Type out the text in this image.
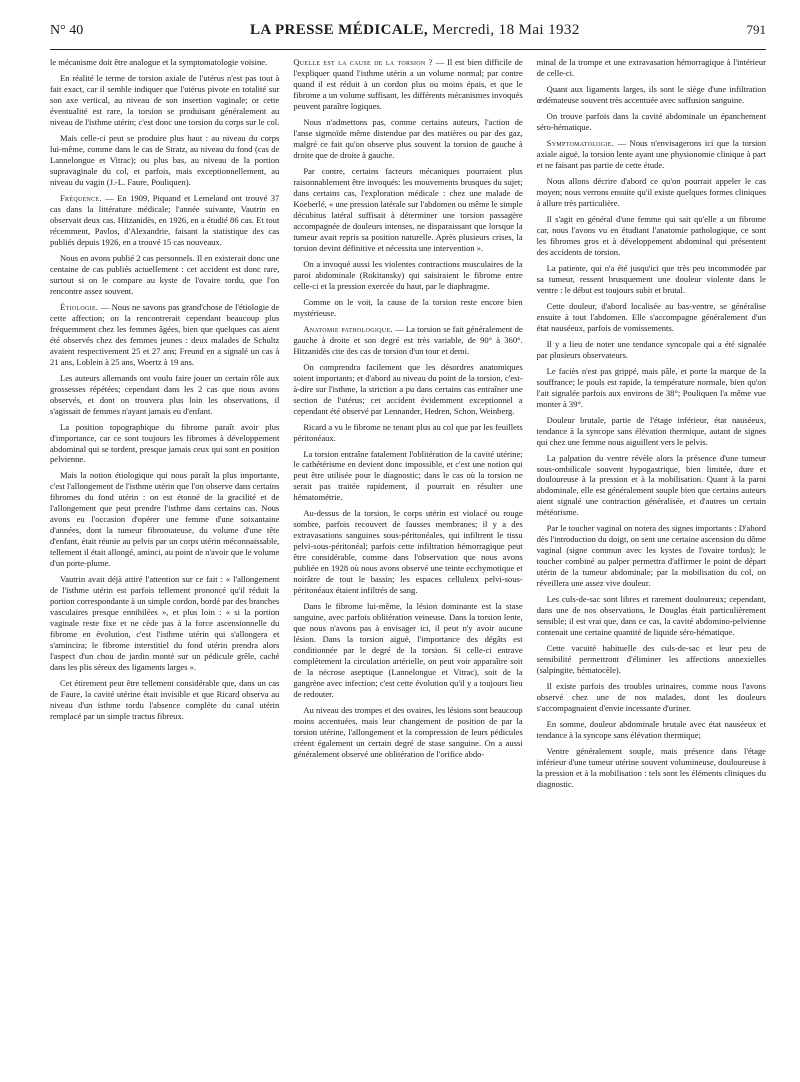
N° 40	LA PRESSE MÉDICALE, Mercredi, 18 Mai 1932	791

le mécanisme doit être analogue et la symptomatologie voisine.

En réalité le terme de torsion axiale de l'utérus n'est pas tout à fait exact, car il semble indiquer que l'utérus pivote en totalité sur son axe vertical, au niveau de son insertion vaginale; or cette éventualité est rare, la torsion se produisant généralement au niveau de l'isthme utérin; c'est donc une torsion du corps sur le col.

Mais celle-ci peut se produire plus haut : au niveau du corps lui-même, comme dans le cas de Stratz, au niveau du fond (cas de Lannelongue et Vitrac); ou plus bas, au niveau de la portion supravaginale du col, et parfois, mais exceptionnellement, au niveau du vagin (J.-L. Faure, Pouliquen).

Fréquence. — En 1909, Piquand et Lemeland ont trouvé 37 cas dans la littérature médicale; l'année suivante, Vautrin en observait deux cas. Hitzanidès, en 1926, en a étudié 86 cas. Et tout récemment, Pavlos, d'Alexandrie, faisant la statistique des cas publiés depuis 1926, en a trouvé 15 cas nouveaux.

Nous en avons publié 2 cas personnels. Il en existerait donc une centaine de cas publiés actuellement : cet accident est donc rare, surtout si on le compare au kyste de l'ovaire tordu, que l'on rencontre assez souvent.

Étiologie. — Nous ne savons pas grand'chose de l'étiologie de cette affection; on la rencontrerait cependant beaucoup plus fréquemment chez les femmes âgées, bien que quelques cas aient été observés chez des femmes jeunes : deux malades de Schultz avaient respectivement 25 et 27 ans; Freund en a signalé un cas à 21 ans, Loblein à 25 ans, Woertz à 19 ans.

Les auteurs allemands ont voulu faire jouer un certain rôle aux grossesses répétées; cependant dans les 2 cas que nous avons observés, et dont on trouvera plus loin les observations, il s'agissait de femmes n'ayant jamais eu d'enfant.

La position topographique du fibrome paraît avoir plus d'importance, car ce sont toujours les fibromes à développement abdominal qui se tordent, presque jamais ceux qui sont en position pelvienne.

Mais la notion étiologique qui nous paraît la plus importante, c'est l'allongement de l'isthme utérin que l'on observe dans certains fibromes du fond utérin : on est étonné de la gracilité et de l'allongement que peut prendre l'isthme dans certains cas. Nous avons eu l'occasion d'opérer une femme d'une soixantaine d'années, dont la tumeur fibromateuse, du volume d'une tête d'enfant, était réunie au pelvis par un corps utérin méconnaissable, tellement il était allongé, aminci, au point de n'avoir que le volume d'un porte-plume.

Vautrin avait déjà attiré l'attention sur ce fait : « l'allongement de l'isthme utérin est parfois tellement prononcé qu'il réduit la portion correspondante à un simple cordon, bordé par des branches vasculaires presque ennihilées », et plus loin : « si la portion vaginale reste fixe et ne cède pas à la force ascensionnelle du fibrome en évolution, c'est l'isthme utérin qui s'allongera et s'amincira; le fibrome interstitiel du fond utérin prendra alors l'aspect d'un chou de jardin monté sur un pédicule grêle, caché dans les plis séreux des ligaments larges ».

Cet étirement peut être tellement considérable que, dans un cas de Faure, la cavité utérine était invisible et que Ricard observa au niveau d'un isthme tordu l'absence complète du canal utérin remplacé par un simple tractus fibreux.

Quelle est la cause de la torsion ? — Il est bien difficile de l'expliquer quand l'isthme utérin a un volume normal; par contre quand il est réduit à un cordon plus ou moins épais, et que le fibrome a un volume suffisant, les différents mécanismes invoqués peuvent paraître logiques.

Nous n'admettons pas, comme certains auteurs, l'action de l'anse sigmoïde même distendue par des matières ou par des gaz, malgré ce fait qu'on observe plus souvent la torsion de gauche à droite que de droite à gauche.

Par contre, certains facteurs mécaniques pourraient plus raisonnablement être invoqués: les mouvements brusques du sujet; dans certains cas, l'exploration médicale : chez une malade de Koeberlé, « une pression latérale sur l'abdomen ou même le simple décubitus latéral suffisait à déterminer une torsion passagère accompagnée de douleurs intenses, ne disparaissant que lorsque la tumeur avait repris sa position naturelle. Après plusieurs crises, la torsion devint définitive et nécessita une intervention ».

On a invoqué aussi les violentes contractions musculaires de la paroi abdominale (Rokitansky) qui saisiraient le fibrome entre celle-ci et la pression exercée du haut, par le diaphragme.

Comme on le voit, la cause de la torsion reste encore bien mystérieuse.

Anatomie pathologique. — La torsion se fait généralement de gauche à droite et son degré est très variable, de 90° à 360°. Hitzanidès cite des cas de torsion d'un tour et demi.

On comprendra facilement que les désordres anatomiques soient importants; et d'abord au niveau du point de la torsion, c'est-à-dire sur l'isthme, la striction a pu dans certains cas entraîner une section de l'utérus; cet accident évidemment exceptionnel a cependant été observé par Lennander, Hedren, Schon, Weinberg.

Ricard a vu le fibrome ne tenant plus au col que par les feuillets péritonéaux.

La torsion entraîne fatalement l'oblitération de la cavité utérine; le cathétérisme en devient donc impossible, et c'est une notion qui peut être utilisée pour le diagnostic; dans le cas où la torsion ne serait pas traitée rapidement, il pourrait en résulter une hématométrie.

Au-dessus de la torsion, le corps utérin est violacé ou rouge sombre, parfois recouvert de fausses membranes; il y a des extravasations sanguines sous-péritonéales, qui infiltrent le tissu pelvi-sous-péritonéal; parfois cette infiltration hémorragique peut être considérable, comme dans l'observation que nous avons publiée en 1928 où nous avons observé une teinte ecchymotique et noirâtre de tout le bassin; les espaces celluleux pelvi-sous-péritonéaux étaient infiltrés de sang.

Dans le fibrome lui-même, la lésion dominante est la stase sanguine, avec parfois oblitération veineuse. Dans la torsion lente, que nous n'avons pas à envisager ici, il peut n'y avoir aucune lésion. Dans la torsion aiguë, l'importance des dégâts est conditionnée par le degré de la torsion. Si celle-ci entrave complètement la circulation artérielle, on peut voir apparaître soit de la nécrose aseptique (Lannelongue et Vitrac), soit de la gangrène avec infection; c'est cette évolution qu'il y a toujours lieu de redouter.

Au niveau des trompes et des ovaires, les lésions sont beaucoup moins accentuées, mais leur changement de position de par la torsion utérine, l'allongement et la compression de leurs pédicules créent également un certain degré de stase sanguine. On a aussi généralement observé une oblitération de l'orifice abdo-

minal de la trompe et une extravasation hémorragique à l'intérieur de celle-ci.

Quant aux ligaments larges, ils sont le siège d'une infiltration œdémateuse souvent très accentuée avec suffusion sanguine.

On trouve parfois dans la cavité abdominale un épanchement séro-hématique.

Symptomatologie. — Nous n'envisagerons ici que la torsion axiale aiguë, la torsion lente ayant une physionomie clinique à part et ne faisant pas partie de cette étude.

Nous allons décrire d'abord ce qu'on pourrait appeler le cas moyen; nous verrons ensuite qu'il existe quelques formes cliniques à allure très particulière.

Il s'agit en général d'une femme qui sait qu'elle a un fibrome car, nous l'avons vu en étudiant l'anatomie pathologique, ce sont les fibromes gros et à développement abdominal qui présentent des accidents de torsion.

La patiente, qui n'a été jusqu'ici que très peu incommodée par sa tumeur, ressent brusquement une douleur violente dans le ventre : le début est toujours subit et brutal.

Cette douleur, d'abord localisée au bas-ventre, se généralise ensuite à tout l'abdomen. Elle s'accompagne généralement d'un état nauséeux, parfois de vomissements.

Il y a lieu de noter une tendance syncopale qui a été signalée par plusieurs observateurs.

Le faciès n'est pas grippé, mais pâle, et porte la marque de la souffrance; le pouls est rapide, la température normale, bien qu'on l'ait signalée parfois aux environs de 38°; Pouliquen l'a même vue monter à 39°.

Douleur brutale, partie de l'étage inférieur, état nauséeux, tendance à la syncope sans élévation thermique, autant de signes qui chez une femme nous aiguillent vers le pelvis.

La palpation du ventre révèle alors la présence d'une tumeur sous-ombilicale souvent hypogastrique, bien limitée, dure et douloureuse à la pression et à la mobilisation. Quant à la paroi abdominale, elle est généralement souple bien que certains auteurs aient signalé une contraction généralisée, et d'autres un certain météorisme.

Par le toucher vaginal on notera des signes importants : D'abord dès l'introduction du doigt, on sent une certaine ascension du dôme vaginal (signe commun avec les kystes de l'ovaire tordus); le toucher combiné au palper permettra d'affirmer le point de départ utérin de la tumeur abdominale; par la mobilisation du col, on réveillera une assez vive douleur.

Les culs-de-sac sont libres et rarement douloureux; cependant, dans une de nos observations, le Douglas était particulièrement sensible; il est vrai que, dans ce cas, la cavité abdomino-pelvienne contenait une certaine quantité de liquide séro-hématique.

Cette vacuité habituelle des culs-de-sac et leur peu de sensibilité permettront d'éliminer les affections annexielles (salpingite, hématocèle).

Il existe parfois des troubles urinaires, comme nous l'avons observé chez une de nos malades, dont les douleurs s'accompagnaient d'envie incessante d'uriner.

En somme, douleur abdominale brutale avec état nauséeux et tendance à la syncope sans élévation thermique;

Ventre généralement souple, mais présence dans l'étage inférieur d'une tumeur utérine souvent volumineuse, douloureuse à la pression et à la mobilisation : tels sont les éléments cliniques du diagnostic.
